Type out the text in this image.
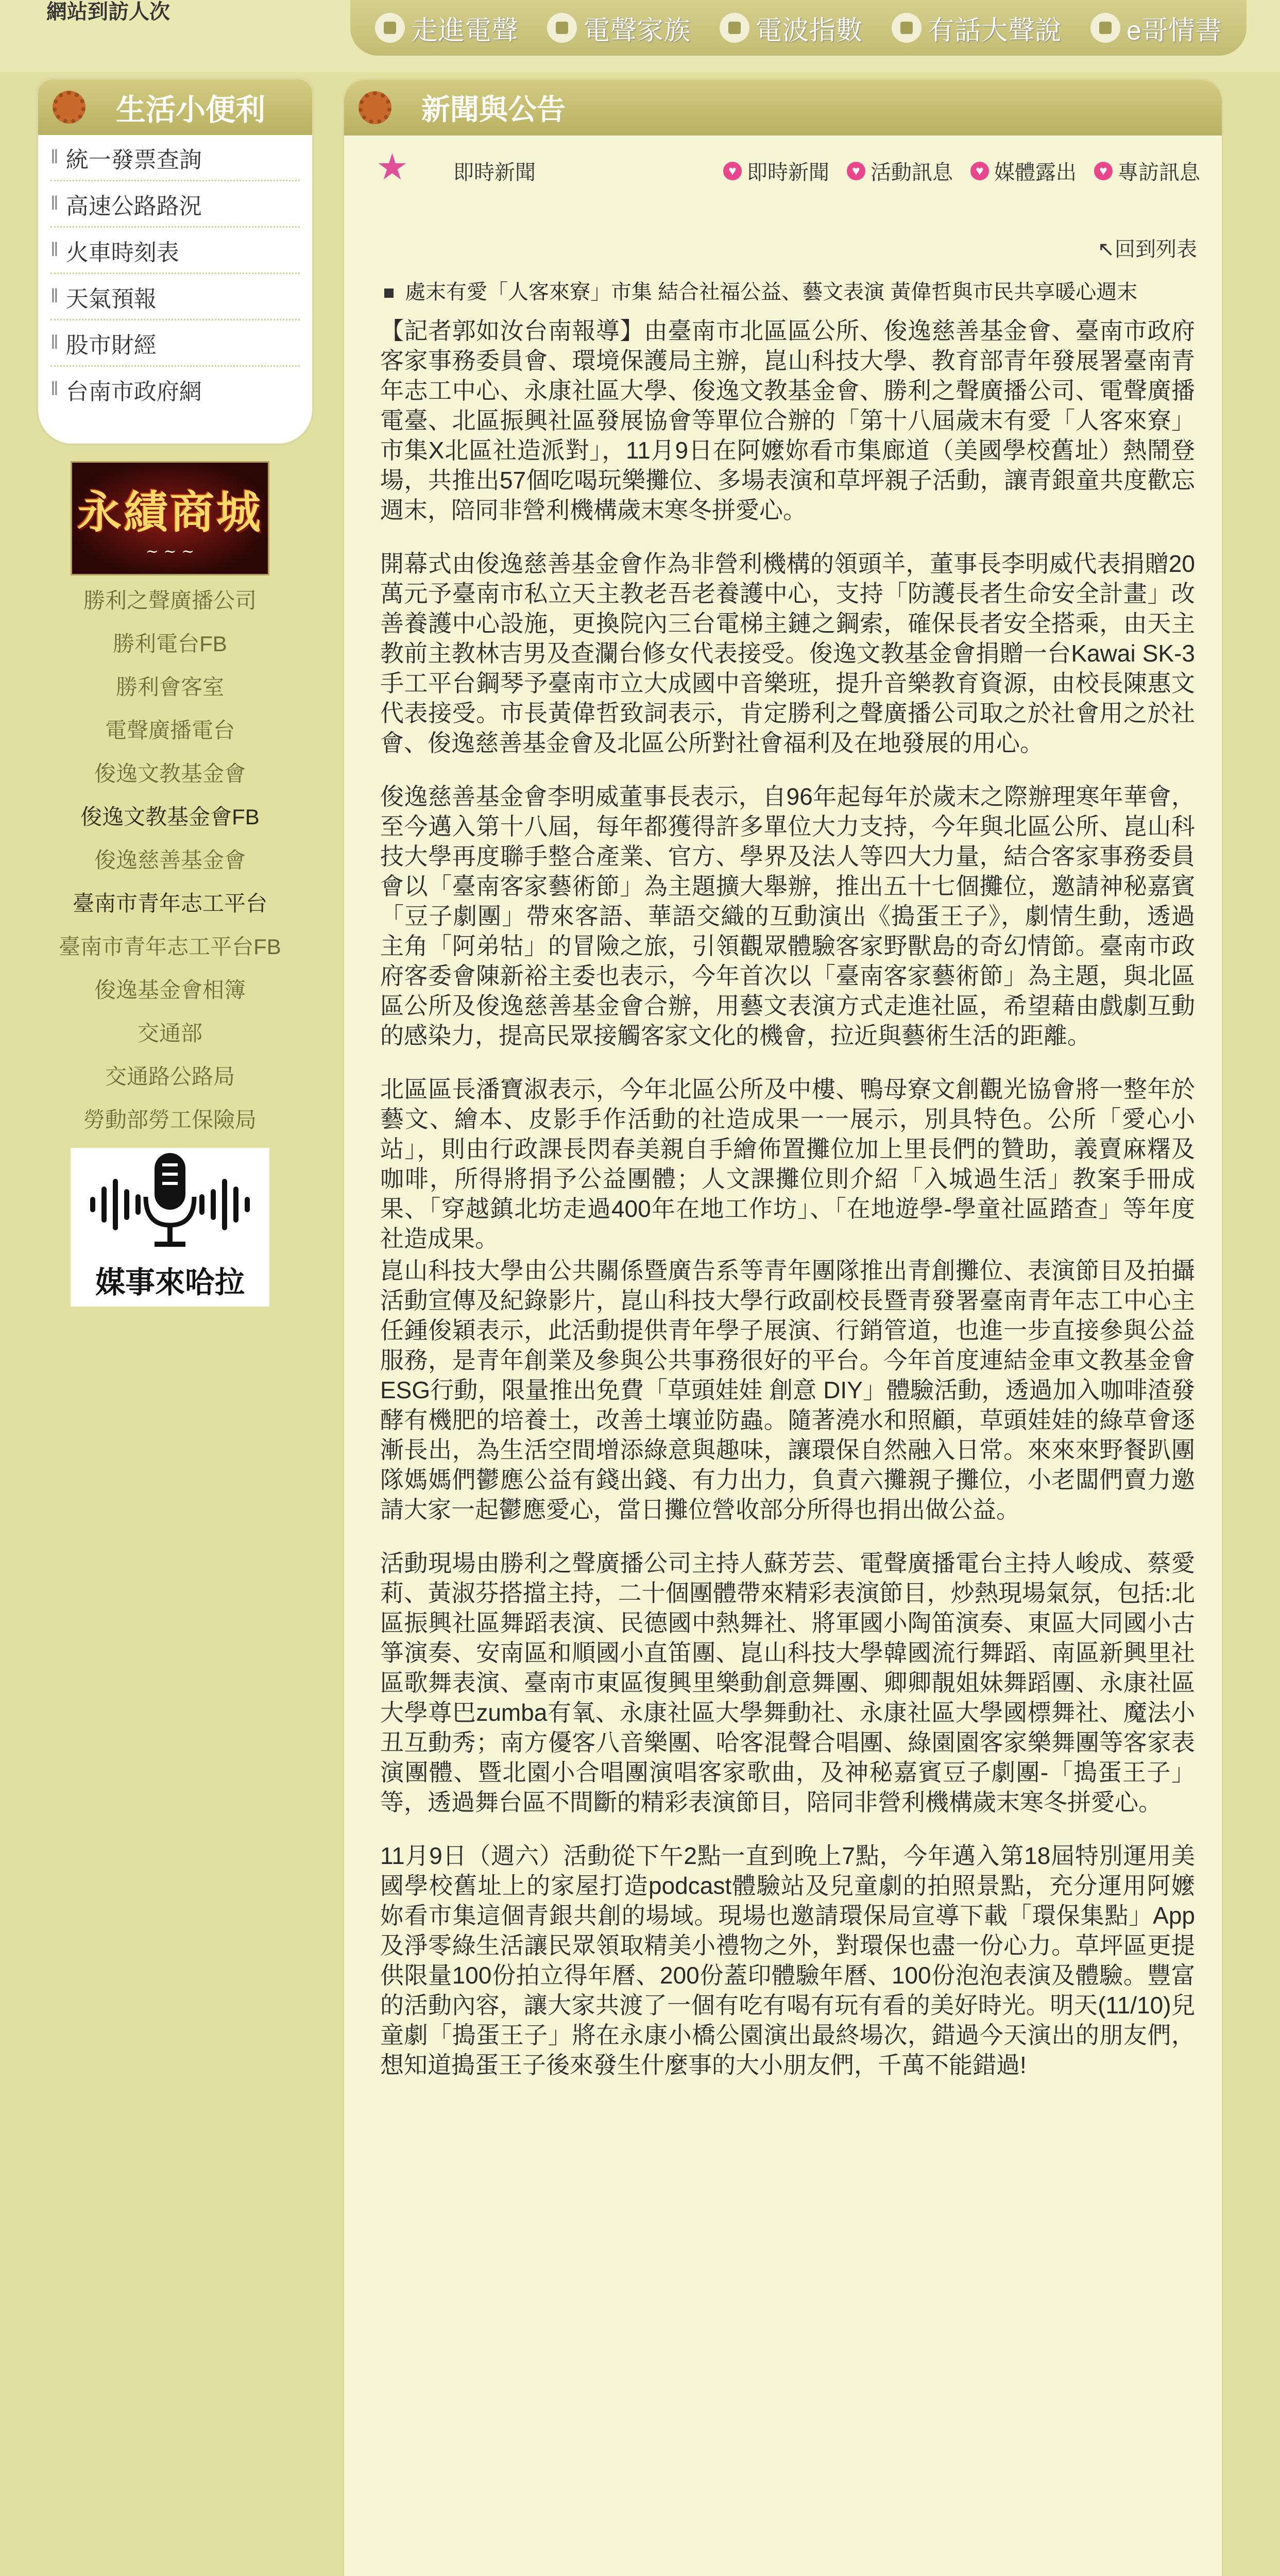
網站到訪人次
走進電聲 電聲家族 電波指數 有話大聲說 e哥情書
生活小便利
‖ 統一發票查詢
‖ 高速公路路況
‖ 火車時刻表
‖ 天氣預報
‖ 股市財經
‖ 台南市政府網
永績商城
~ ~ ~
勝利之聲廣播公司
勝利電台FB
勝利會客室
電聲廣播電台
俊逸文教基金會
俊逸文教基金會FB
俊逸慈善基金會
臺南市青年志工平台
臺南市青年志工平台FB
俊逸基金會相簿
交通部
交通路公路局
勞動部勞工保險局
媒事來哈拉
新聞與公告
★ 即時新聞	♥ 即時新聞	♥ 活動訊息	♥ 媒體露出	♥ 專訪訊息
↖回到列表
處末有愛「人客來寮」市集 結合社福公益、藝文表演 黃偉哲與市民共享暖心週末

【記者郭如汝台南報導】由臺南市北區區公所、俊逸慈善基金會、臺南市政府客家事務委員會、環境保護局主辦，崑山科技大學、教育部青年發展署臺南青年志工中心、永康社區大學、俊逸文教基金會、勝利之聲廣播公司、電聲廣播電臺、北區振興社區發展協會等單位合辦的「第十八屆歲末有愛「人客來寮」市集X北區社造派對」，11月9日在阿嬤妳看市集廊道（美國學校舊址）熱鬧登場，共推出57個吃喝玩樂攤位、多場表演和草坪親子活動，讓青銀童共度歡忘週末，陪同非營利機構歲末寒冬拼愛心。

開幕式由俊逸慈善基金會作為非營利機構的領頭羊，董事長李明威代表捐贈20萬元予臺南市私立天主教老吾老養護中心，支持「防護長者生命安全計畫」改善養護中心設施，更換院內三台電梯主鏈之鋼索，確保長者安全搭乘，由天主教前主教林吉男及查瀾台修女代表接受。俊逸文教基金會捐贈一台Kawai SK-3手工平台鋼琴予臺南市立大成國中音樂班，提升音樂教育資源，由校長陳惠文代表接受。市長黃偉哲致詞表示，肯定勝利之聲廣播公司取之於社會用之於社會、俊逸慈善基金會及北區公所對社會福利及在地發展的用心。

俊逸慈善基金會李明威董事長表示，自96年起每年於歲末之際辦理寒年華會，至今邁入第十八屆，每年都獲得許多單位大力支持，今年與北區公所、崑山科技大學再度聯手整合產業、官方、學界及法人等四大力量，結合客家事務委員會以「臺南客家藝術節」為主題擴大舉辦，推出五十七個攤位，邀請神秘嘉賓「豆子劇團」帶來客語、華語交織的互動演出《搗蛋王子》，劇情生動，透過主角「阿弟牯」的冒險之旅，引領觀眾體驗客家野獸島的奇幻情節。臺南市政府客委會陳新裕主委也表示，今年首次以「臺南客家藝術節」為主題，與北區區公所及俊逸慈善基金會合辦，用藝文表演方式走進社區，希望藉由戲劇互動的感染力，提高民眾接觸客家文化的機會，拉近與藝術生活的距離。

北區區長潘寶淑表示，今年北區公所及中樓、鴨母寮文創觀光協會將一整年於藝文、繪本、皮影手作活動的社造成果一一展示，別具特色。公所「愛心小站」，則由行政課長閃春美親自手繪佈置攤位加上里長們的贊助，義賣麻糬及咖啡，所得將捐予公益團體；人文課攤位則介紹「入城過生活」教案手冊成果、「穿越鎮北坊走過400年在地工作坊」、「在地遊學-學童社區踏查」等年度社造成果。

崑山科技大學由公共關係暨廣告系等青年團隊推出青創攤位、表演節目及拍攝活動宣傳及紀錄影片，崑山科技大學行政副校長暨青發署臺南青年志工中心主任鍾俊穎表示，此活動提供青年學子展演、行銷管道，也進一步直接參與公益服務，是青年創業及參與公共事務很好的平台。今年首度連結金車文教基金會ESG行動，限量推出免費「草頭娃娃 創意 DIY」體驗活動，透過加入咖啡渣發酵有機肥的培養土，改善土壤並防蟲。隨著澆水和照顧，草頭娃娃的綠草會逐漸長出，為生活空間增添綠意與趣味，讓環保自然融入日常。來來來野餐趴團隊媽媽們鬱應公益有錢出錢、有力出力，負責六攤親子攤位，小老闆們賣力邀請大家一起鬱應愛心，當日攤位營收部分所得也捐出做公益。

活動現場由勝利之聲廣播公司主持人蘇芳芸、電聲廣播電台主持人峻成、蔡愛莉、黃淑芬搭擋主持，二十個團體帶來精彩表演節目，炒熱現場氣氛，包括:北區振興社區舞蹈表演、民德國中熱舞社、將軍國小陶笛演奏、東區大同國小古箏演奏、安南區和順國小直笛團、崑山科技大學韓國流行舞蹈、南區新興里社區歌舞表演、臺南市東區復興里樂動創意舞團、卿卿靚姐妹舞蹈團、永康社區大學尊巴zumba有氧、永康社區大學舞動社、永康社區大學國標舞社、魔法小丑互動秀；南方優客八音樂團、哈客混聲合唱團、綠園園客家樂舞團等客家表演團體、暨北園小合唱團演唱客家歌曲，及神秘嘉賓豆子劇團-「搗蛋王子」等，透過舞台區不間斷的精彩表演節目，陪同非營利機構歲末寒冬拼愛心。

11月9日（週六）活動從下午2點一直到晚上7點，今年邁入第18屆特別運用美國學校舊址上的家屋打造podcast體驗站及兒童劇的拍照景點，充分運用阿嬤妳看市集這個青銀共創的場域。現場也邀請環保局宣導下載「環保集點」App及淨零綠生活讓民眾領取精美小禮物之外，對環保也盡一份心力。草坪區更提供限量100份拍立得年曆、200份蓋印體驗年曆、100份泡泡表演及體驗。豐富的活動內容，讓大家共渡了一個有吃有喝有玩有看的美好時光。明天(11/10)兒童劇「搗蛋王子」將在永康小橋公園演出最終場次，錯過今天演出的朋友們，想知道搗蛋王子後來發生什麼事的大小朋友們，千萬不能錯過!
